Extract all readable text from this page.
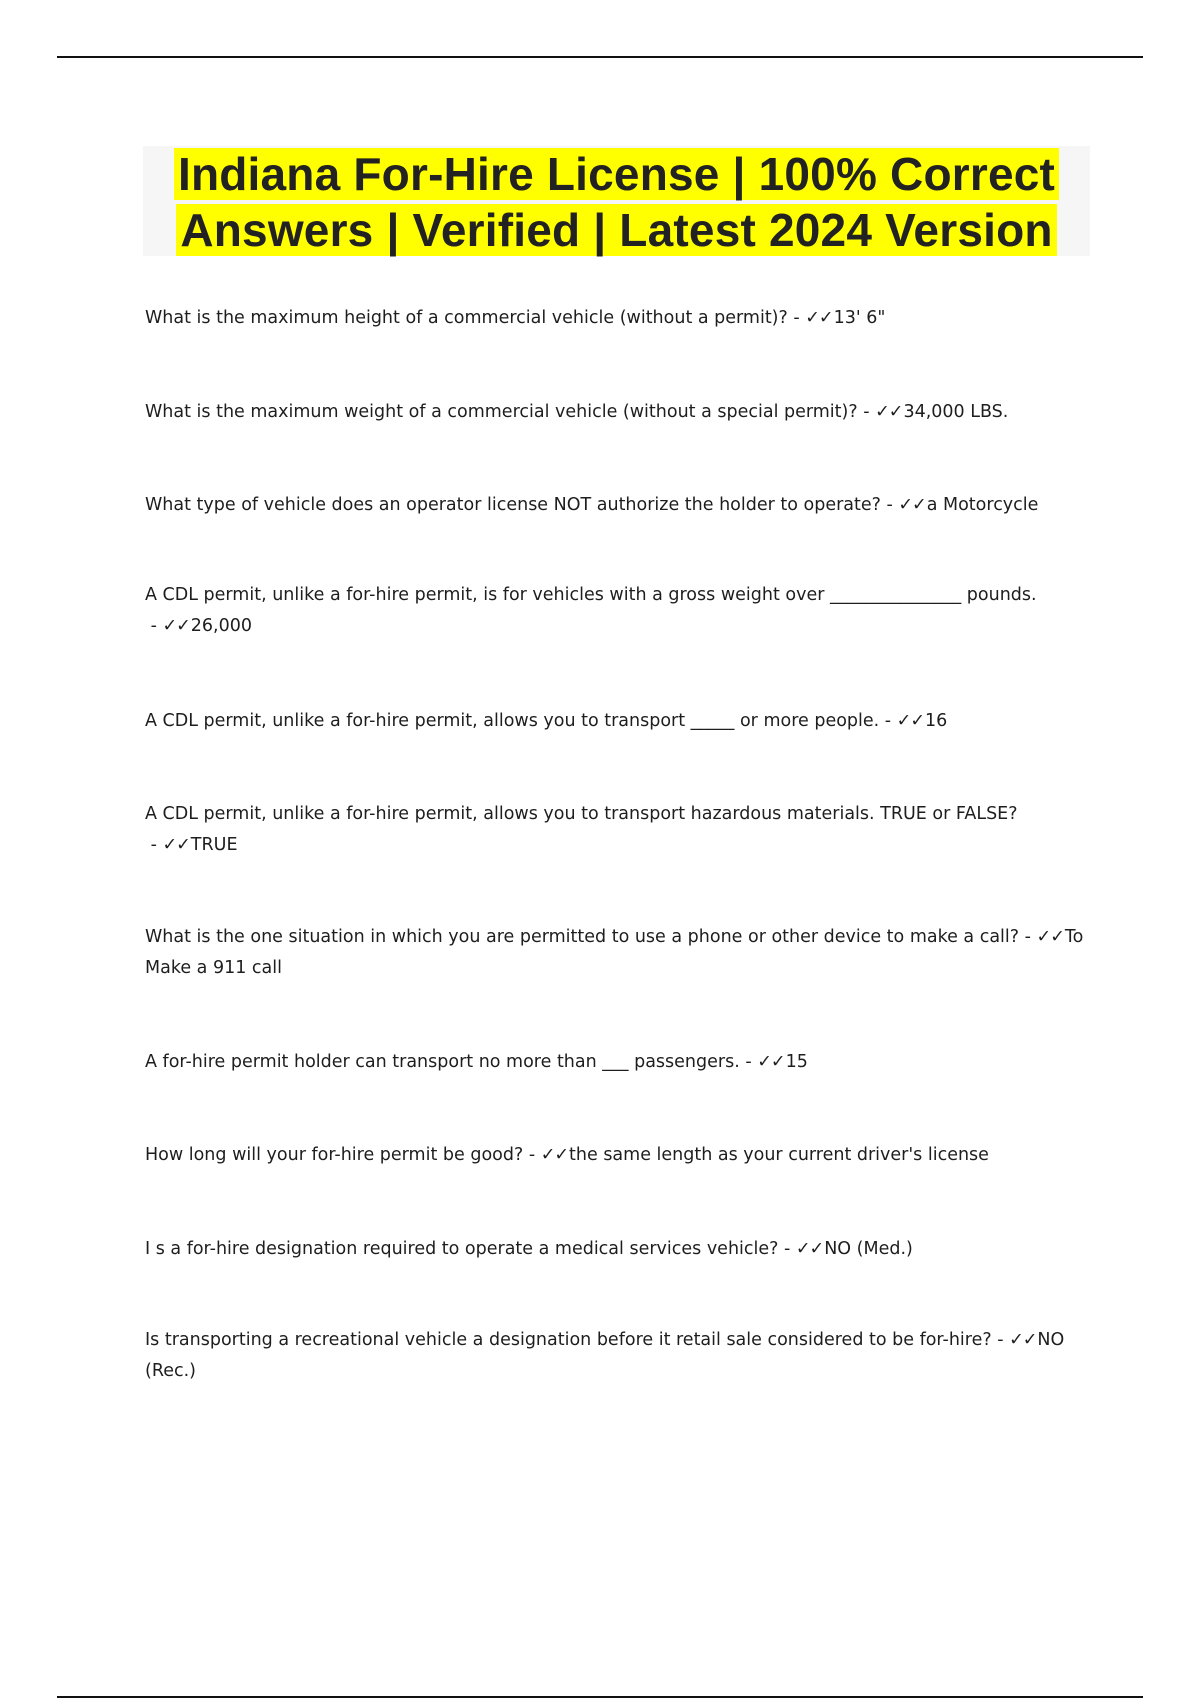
Indiana For-Hire License | 100% Correct Answers | Verified | Latest 2024 Version
What is the maximum height of a commercial vehicle (without a permit)? - ✓✓13' 6"
What is the maximum weight of a commercial vehicle (without a special permit)? - ✓✓34,000 LBS.
What type of vehicle does an operator license NOT authorize the holder to operate? - ✓✓a Motorcycle
A CDL permit, unlike a for-hire permit, is for vehicles with a gross weight over _______________ pounds. - ✓✓26,000
A CDL permit, unlike a for-hire permit, allows you to transport _____ or more people. - ✓✓16
A CDL permit, unlike a for-hire permit, allows you to transport hazardous materials. TRUE or FALSE? - ✓✓TRUE
What is the one situation in which you are permitted to use a phone or other device to make a call? - ✓✓To Make a 911 call
A for-hire permit holder can transport no more than ___ passengers. - ✓✓15
How long will your for-hire permit be good? - ✓✓the same length as your current driver's license
I s a for-hire designation required to operate a medical services vehicle? - ✓✓NO (Med.)
Is transporting a recreational vehicle a designation before it retail sale considered to be for-hire? - ✓✓NO (Rec.)
